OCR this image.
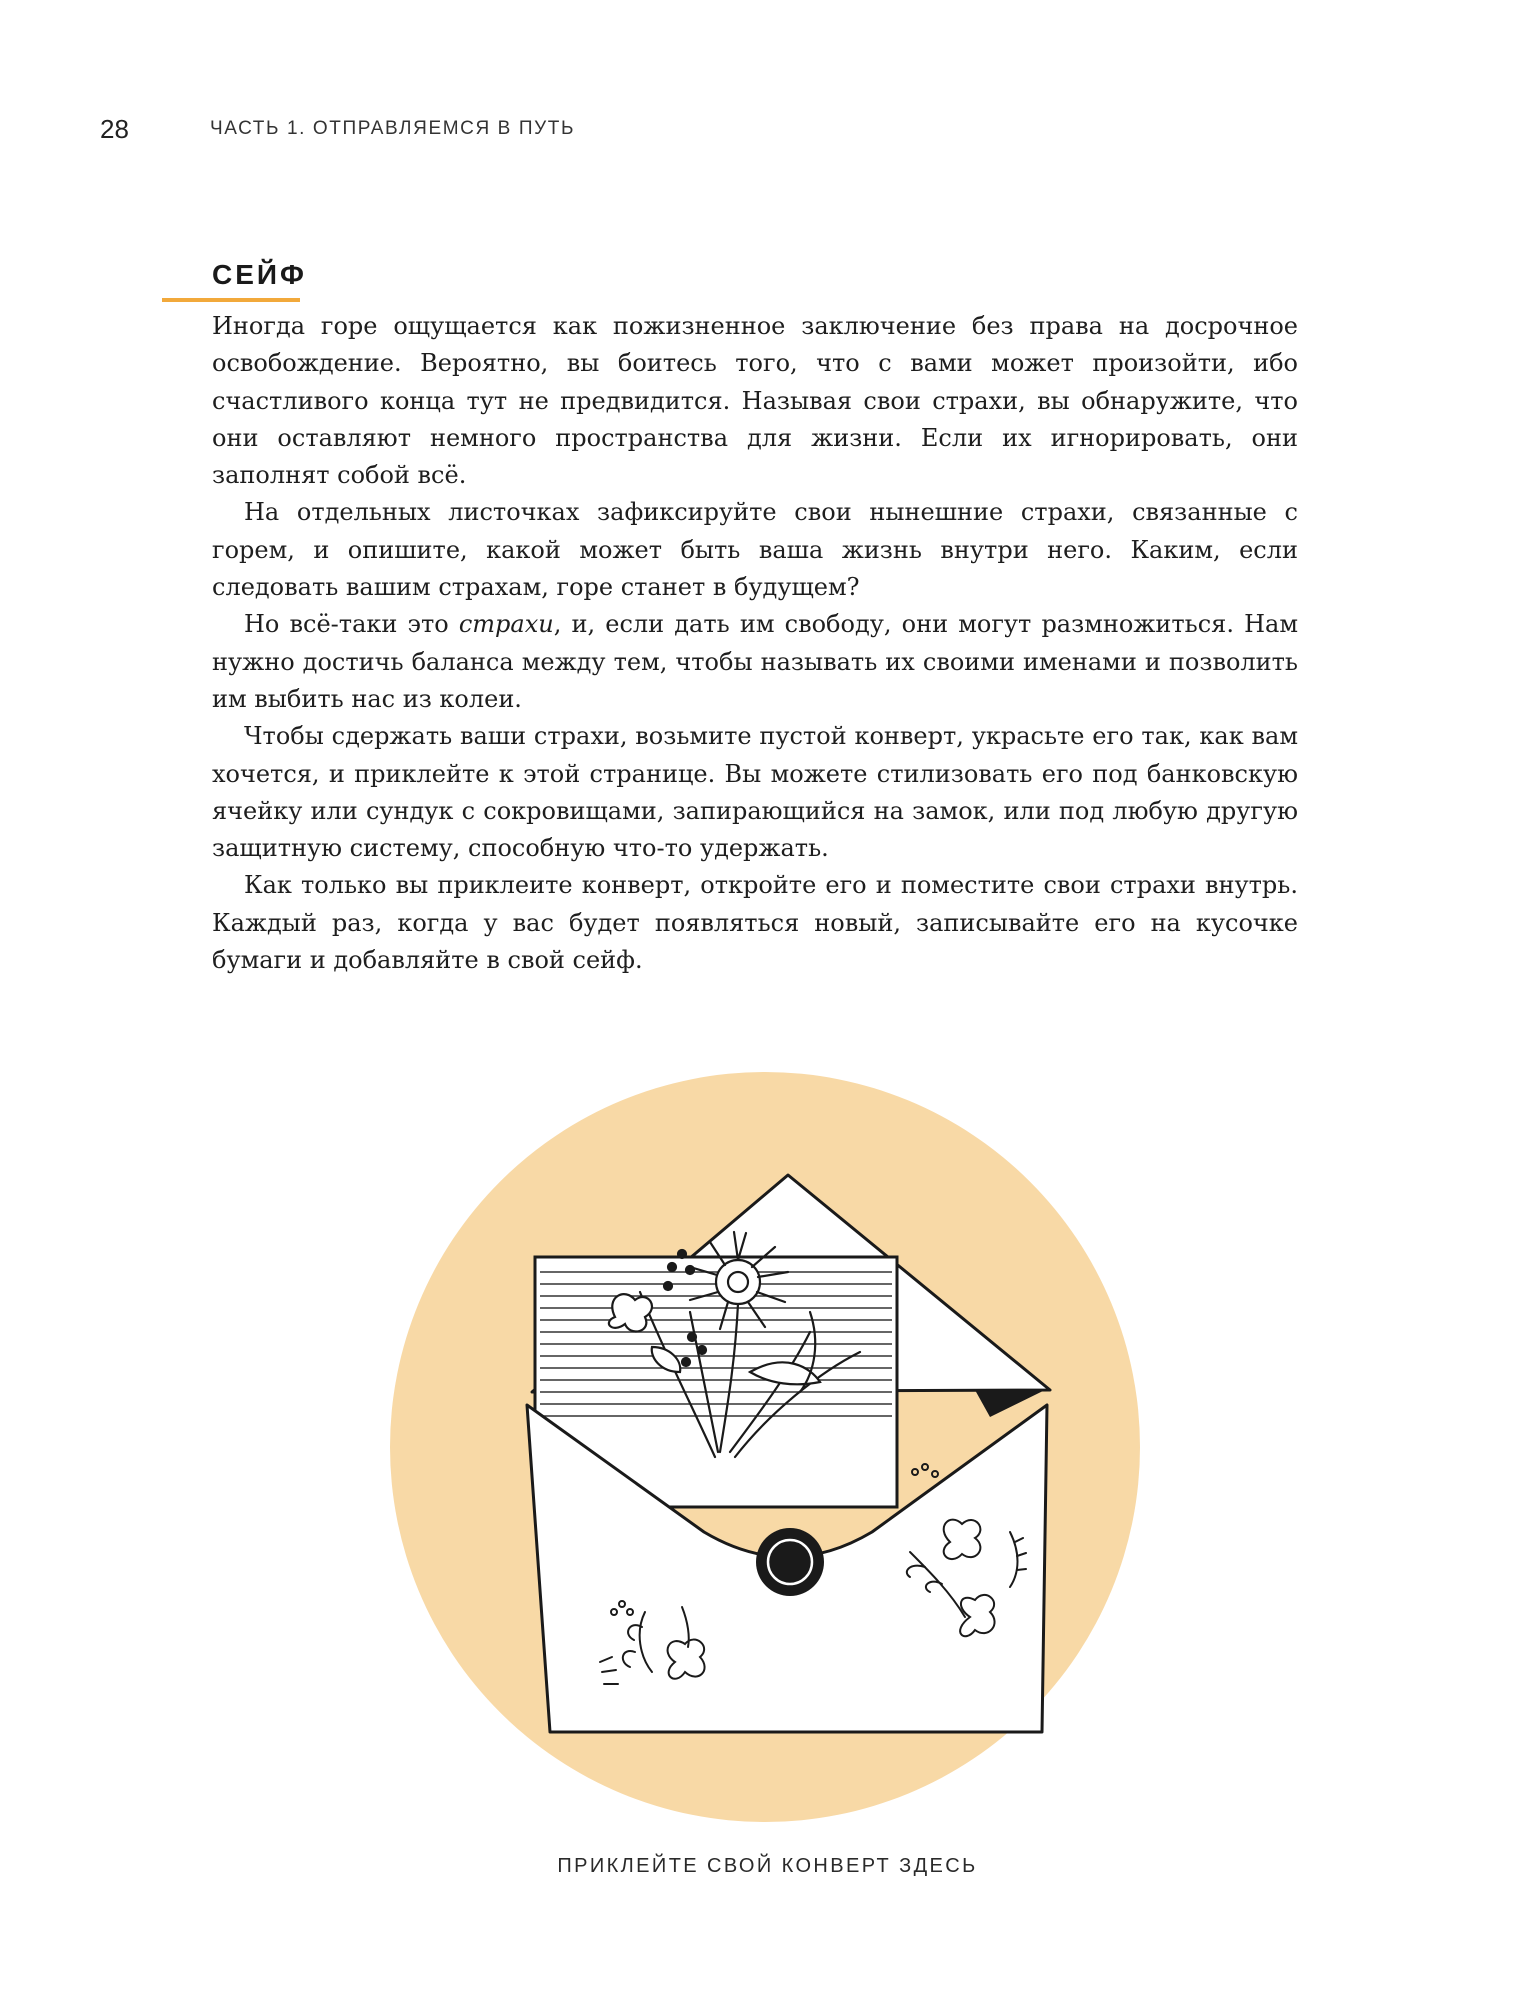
28	ЧАСТЬ 1. ОТПРАВЛЯЕМСЯ В ПУТЬ
СЕЙФ

Иногда горе ощущается как пожизненное заключение без права на досрочное освобождение. Вероятно, вы боитесь того, что с вами может произойти, ибо счастливого конца тут не предвидится. Называя свои страхи, вы обнаружите, что они оставляют немного пространства для жизни. Если их игнорировать, они заполнят собой всё.

На отдельных листочках зафиксируйте свои нынешние страхи, связанные с горем, и опишите, какой может быть ваша жизнь внутри него. Каким, если следовать вашим страхам, горе станет в будущем?

Но всё-таки это страхи, и, если дать им свободу, они могут размножиться. Нам нужно достичь баланса между тем, чтобы называть их своими именами и позволить им выбить нас из колеи.

Чтобы сдержать ваши страхи, возьмите пустой конверт, украсьте его так, как вам хочется, и приклейте к этой странице. Вы можете стилизовать его под банковскую ячейку или сундук с сокровищами, запирающийся на замок, или под любую другую защитную систему, способную что-то удержать.

Как только вы приклеите конверт, откройте его и поместите свои страхи внутрь. Каждый раз, когда у вас будет появляться новый, записывайте его на кусочке бумаги и добавляйте в свой сейф.

ПРИКЛЕЙТЕ СВОЙ КОНВЕРТ ЗДЕСЬ
